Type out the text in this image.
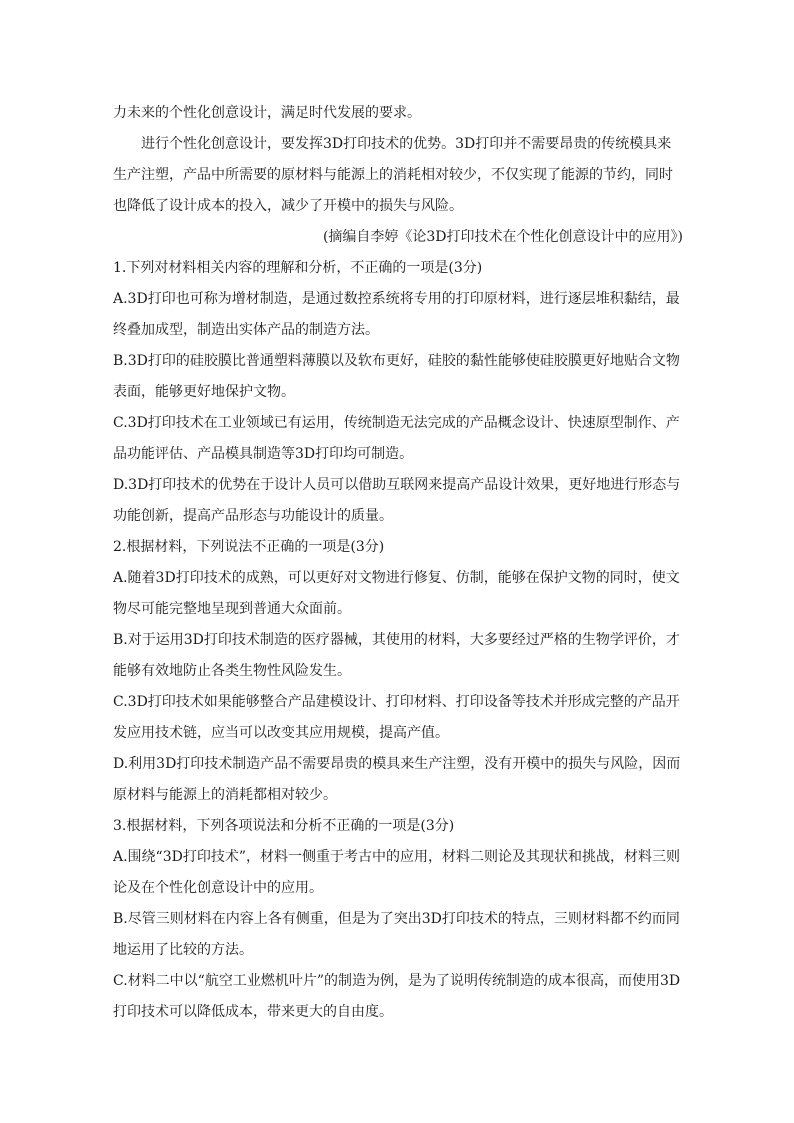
力未来的个性化创意设计，满足时代发展的要求。
进行个性化创意设计，要发挥3D打印技术的优势。3D打印并不需要昂贵的传统模具来
生产注塑，产品中所需要的原材料与能源上的消耗相对较少，不仅实现了能源的节约，同时
也降低了设计成本的投入，减少了开模中的损失与风险。
(摘编自李婷《论3D打印技术在个性化创意设计中的应用》)
1.下列对材料相关内容的理解和分析，不正确的一项是(3分)
A.3D打印也可称为增材制造，是通过数控系统将专用的打印原材料，进行逐层堆积黏结，最
终叠加成型，制造出实体产品的制造方法。
B.3D打印的硅胶膜比普通塑料薄膜以及软布更好，硅胶的黏性能够使硅胶膜更好地贴合文物
表面，能够更好地保护文物。
C.3D打印技术在工业领域已有运用，传统制造无法完成的产品概念设计、快速原型制作、产
品功能评估、产品模具制造等3D打印均可制造。
D.3D打印技术的优势在于设计人员可以借助互联网来提高产品设计效果，更好地进行形态与
功能创新，提高产品形态与功能设计的质量。
2.根据材料，下列说法不正确的一项是(3分)
A.随着3D打印技术的成熟，可以更好对文物进行修复、仿制，能够在保护文物的同时，使文
物尽可能完整地呈现到普通大众面前。
B.对于运用3D打印技术制造的医疗器械，其使用的材料，大多要经过严格的生物学评价，才
能够有效地防止各类生物性风险发生。
C.3D打印技术如果能够整合产品建模设计、打印材料、打印设备等技术并形成完整的产品开
发应用技术链，应当可以改变其应用规模，提高产值。
D.利用3D打印技术制造产品不需要昂贵的模具来生产注塑，没有开模中的损失与风险，因而
原材料与能源上的消耗都相对较少。
3.根据材料，下列各项说法和分析不正确的一项是(3分)
A.围绕“3D打印技术”，材料一侧重于考古中的应用，材料二则论及其现状和挑战，材料三则
论及在个性化创意设计中的应用。
B.尽管三则材料在内容上各有侧重，但是为了突出3D打印技术的特点，三则材料都不约而同
地运用了比较的方法。
C.材料二中以“航空工业燃机叶片”的制造为例，是为了说明传统制造的成本很高，而使用3D
打印技术可以降低成本，带来更大的自由度。
